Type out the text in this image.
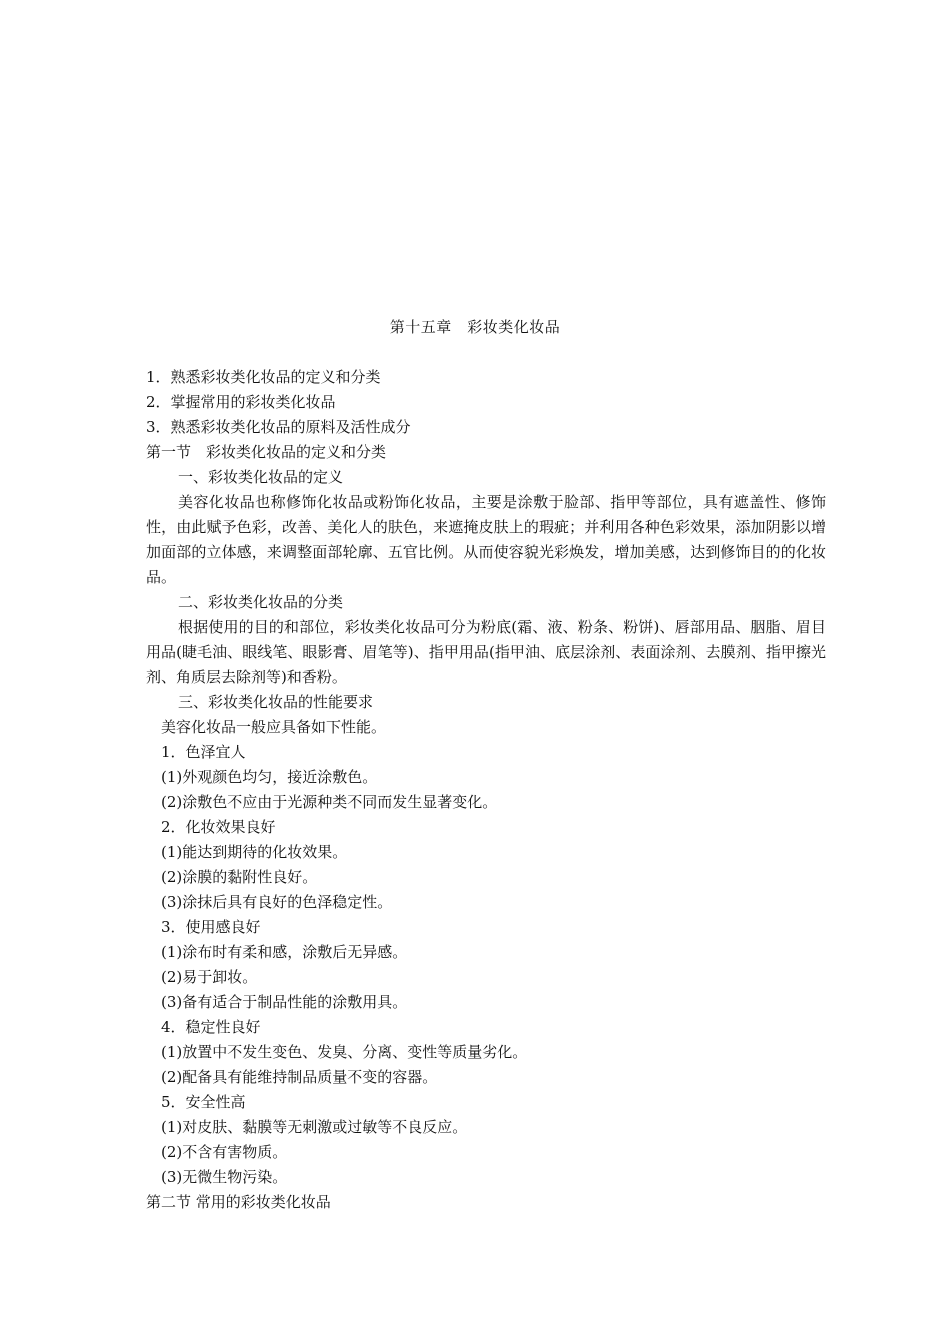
第十五章　彩妆类化妆品
1．熟悉彩妆类化妆品的定义和分类
2．掌握常用的彩妆类化妆品
3．熟悉彩妆类化妆品的原料及活性成分
第一节　彩妆类化妆品的定义和分类
一、彩妆类化妆品的定义
美容化妆品也称修饰化妆品或粉饰化妆品，主要是涂敷于脸部、指甲等部位，具有遮盖性、修饰性，由此赋予色彩，改善、美化人的肤色，来遮掩皮肤上的瑕疵；并利用各种色彩效果，添加阴影以增加面部的立体感，来调整面部轮廓、五官比例。从而使容貌光彩焕发，增加美感，达到修饰目的的化妆品。
二、彩妆类化妆品的分类
根据使用的目的和部位，彩妆类化妆品可分为粉底(霜、液、粉条、粉饼)、唇部用品、胭脂、眉目用品(睫毛油、眼线笔、眼影膏、眉笔等)、指甲用品(指甲油、底层涂剂、表面涂剂、去膜剂、指甲擦光剂、角质层去除剂等)和香粉。
三、彩妆类化妆品的性能要求
美容化妆品一般应具备如下性能。
1．色泽宜人
(1)外观颜色均匀，接近涂敷色。
(2)涂敷色不应由于光源种类不同而发生显著变化。
2．化妆效果良好
(1)能达到期待的化妆效果。
(2)涂膜的黏附性良好。
(3)涂抹后具有良好的色泽稳定性。
3．使用感良好
(1)涂布时有柔和感，涂敷后无异感。
(2)易于卸妆。
(3)备有适合于制品性能的涂敷用具。
4．稳定性良好
(1)放置中不发生变色、发臭、分离、变性等质量劣化。
(2)配备具有能维持制品质量不变的容器。
5．安全性高
(1)对皮肤、黏膜等无刺激或过敏等不良反应。
(2)不含有害物质。
(3)无微生物污染。
第二节 常用的彩妆类化妆品
